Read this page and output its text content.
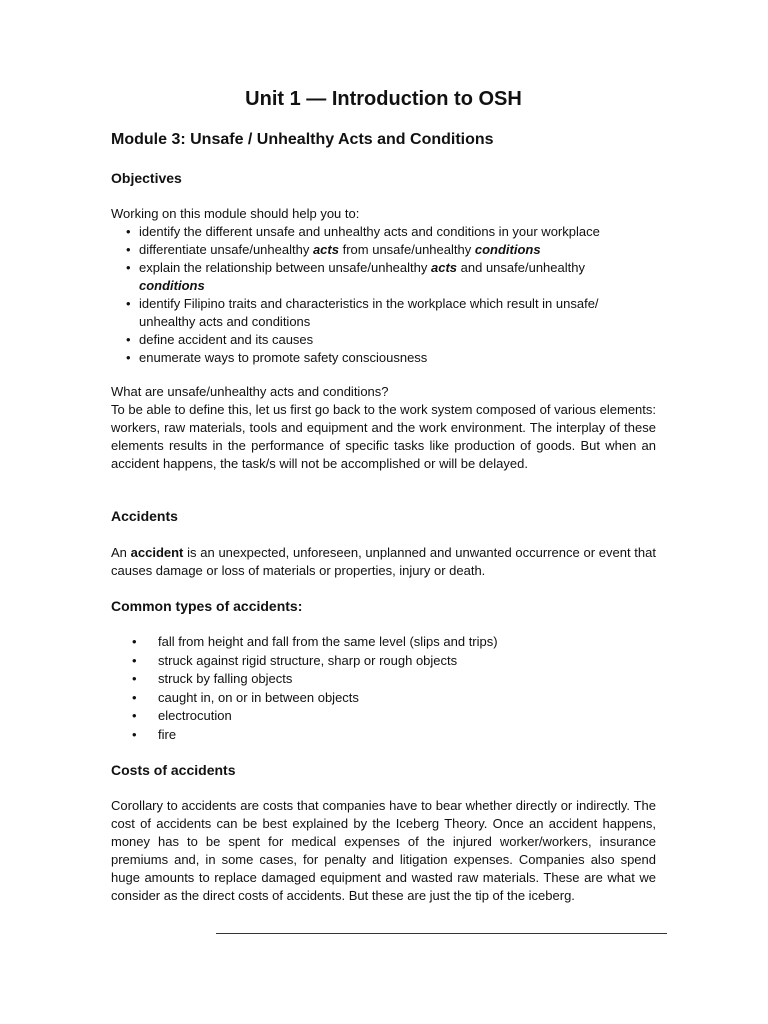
Unit 1 — Introduction to OSH
Module 3: Unsafe / Unhealthy Acts and Conditions
Objectives
Working on this module should help you to:
• identify the different unsafe and unhealthy acts and conditions in your workplace
• differentiate unsafe/unhealthy acts from unsafe/unhealthy conditions
• explain the relationship between unsafe/unhealthy acts and unsafe/unhealthy
conditions
• identify Filipino traits and characteristics in the workplace which result in unsafe/ unhealthy acts and conditions
• define accident and its causes
• enumerate ways to promote safety consciousness
What are unsafe/unhealthy acts and conditions?
To be able to define this, let us first go back to the work system composed of various elements: workers, raw materials, tools and equipment and the work environment. The interplay of these elements results in the performance of specific tasks like production of goods. But when an accident happens, the task/s will not be accomplished or will be delayed.
Accidents
An accident is an unexpected, unforeseen, unplanned and unwanted occurrence or event that causes damage or loss of materials or properties, injury or death.
Common types of accidents:
• fall from height and fall from the same level (slips and trips)
• struck against rigid structure, sharp or rough objects
• struck by falling objects
• caught in, on or in between objects
• electrocution
• fire
Costs of accidents
Corollary to accidents are costs that companies have to bear whether directly or indirectly. The cost of accidents can be best explained by the Iceberg Theory. Once an accident happens, money has to be spent for medical expenses of the injured worker/workers, insurance premiums and, in some cases, for penalty and litigation expenses. Companies also spend huge amounts to replace damaged equipment and wasted raw materials. These are what we consider as the direct costs of accidents. But these are just the tip of the iceberg.
